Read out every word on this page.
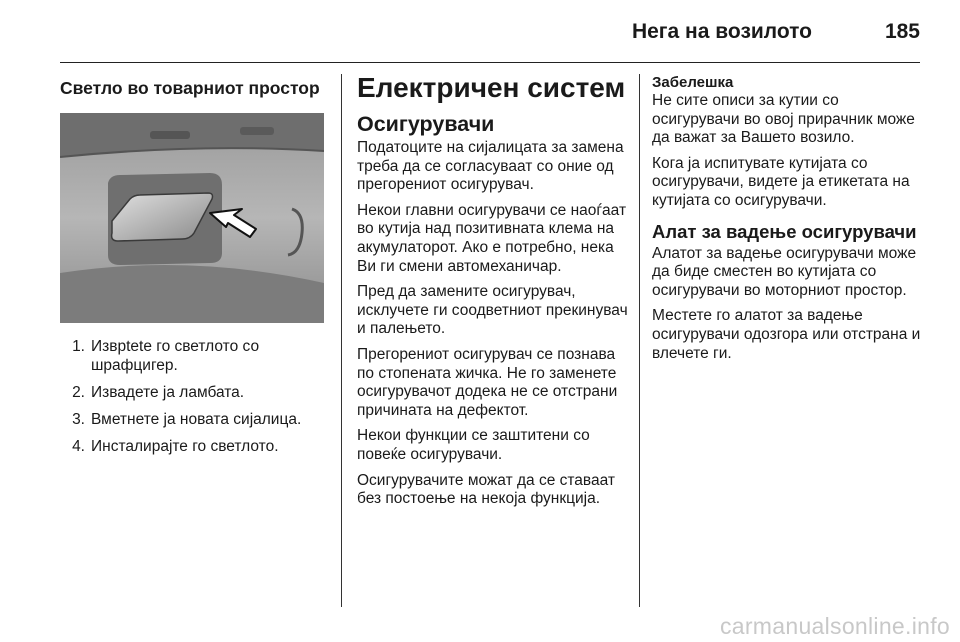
Нега на возилото	185
Светло во товарниот простор
1. Изврtete го светлото со шрафцигер.
2. Извадете ја ламбата.
3. Вметнете ја новата сијалица.
4. Инсталирајте го светлото.
Електричен систем
Осигурувачи

Податоците на сијалицата за замена треба да се согласуваат со оние од прегорениот осигурувач.

Некои главни осигурувачи се наоѓаат во кутија над позитивната клема на акумулаторот. Ако е потребно, нека Ви ги смени автомеханичар.

Пред да замените осигурувач, исклучете ги соодветниот прекинувач и палењето.

Прегорениот осигурувач се познава по стопената жичка. Не го заменете осигурувачот додека не се отстрани причината на дефектот.

Некои функции се заштитени со повеќе осигурувачи.

Осигурувачите можат да се ставаат без постоење на некоја функција.

Забелешка

Не сите описи за кутии со осигурувачи во овој прирачник може да важат за Вашето возило.

Кога ја испитувате кутијата со осигурувачи, видете ја етикетата на кутијата со осигурувачи.

Алат за вадење осигурувачи

Алатот за вадење осигурувачи може да биде сместен во кутијата со осигурувачи во моторниот простор.

Местете го алатот за вадење осигурувачи одозгора или отстрана и влечете ги.

carmanualsonline.info
